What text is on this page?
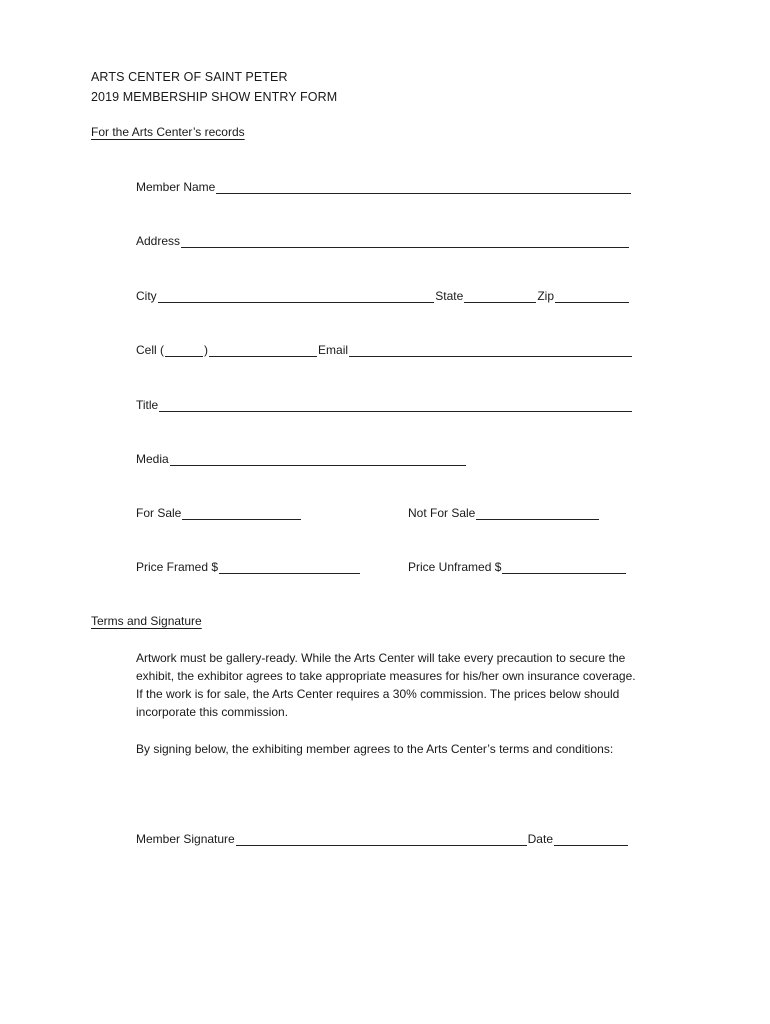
ARTS CENTER OF SAINT PETER
2019 MEMBERSHIP SHOW ENTRY FORM
For the Arts Center’s records
Member Name
Address
City	State	Zip
Cell (	)	Email
Title
Media
For Sale	Not For Sale
Price Framed $	Price Unframed $
Terms and Signature
Artwork must be gallery-ready. While the Arts Center will take every precaution to secure the exhibit, the exhibitor agrees to take appropriate measures for his/her own insurance coverage. If the work is for sale, the Arts Center requires a 30% commission. The prices below should incorporate this commission.
By signing below, the exhibiting member agrees to the Arts Center’s terms and conditions:
Member Signature	Date
